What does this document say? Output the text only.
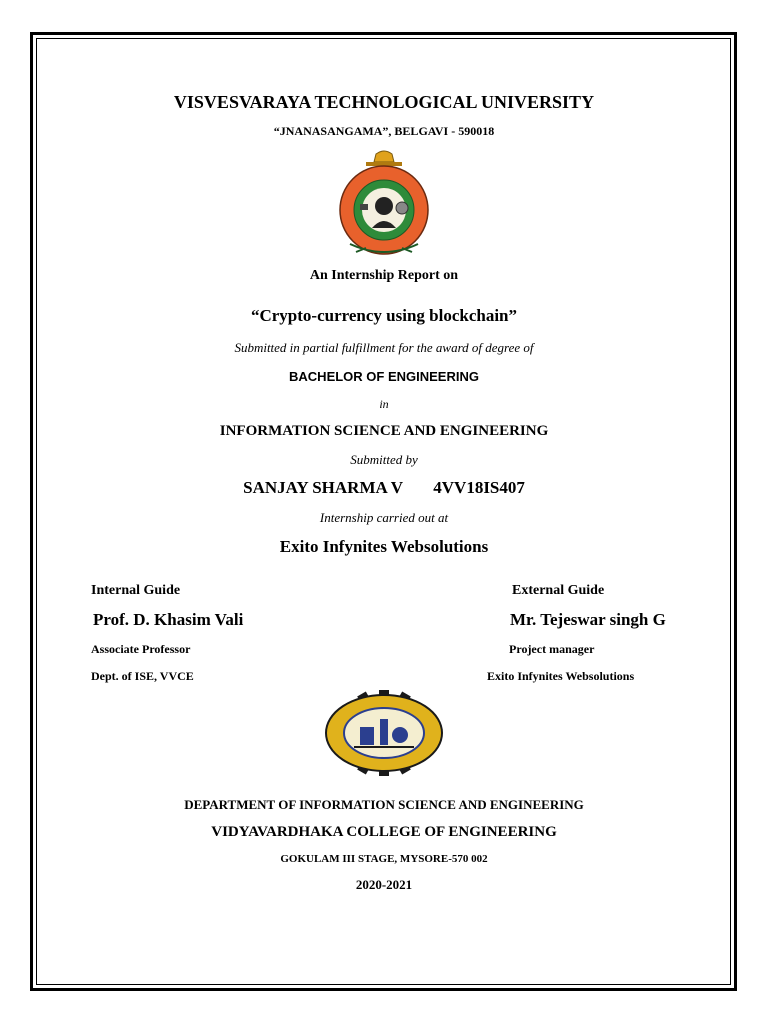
VISVESVARAYA TECHNOLOGICAL UNIVERSITY
“JNANASANGAMA”, BELGAVI - 590018
An Internship Report on
“Crypto-currency using blockchain”
Submitted in partial fulfillment for the award of degree of
BACHELOR OF ENGINEERING
in
INFORMATION SCIENCE AND ENGINEERING
Submitted by
SANJAY SHARMA V 4VV18IS407
Internship carried out at
Exito Infynites Websolutions
Internal Guide
Prof. D. Khasim Vali
Associate Professor
Dept. of ISE, VVCE
External Guide
Mr. Tejeswar singh G
Project manager
Exito Infynites Websolutions
DEPARTMENT OF INFORMATION SCIENCE AND ENGINEERING
VIDYAVARDHAKA COLLEGE OF ENGINEERING
GOKULAM III STAGE, MYSORE-570 002
2020-2021
